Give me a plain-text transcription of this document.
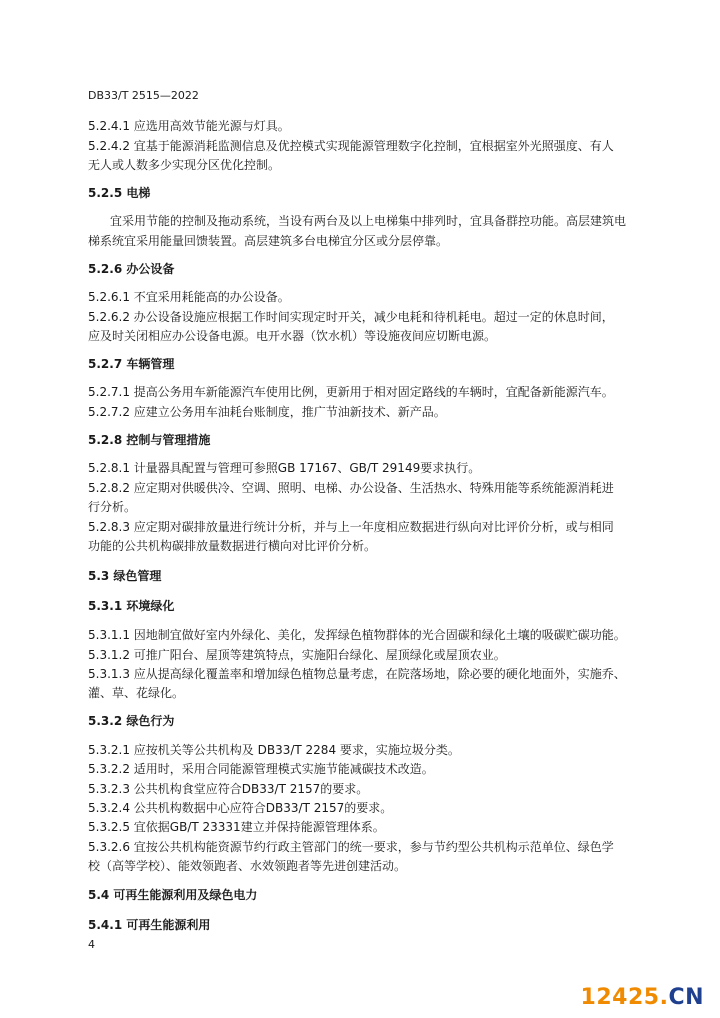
DB33/T 2515—2022
5.2.4.1 应选用高效节能光源与灯具。
5.2.4.2 宜基于能源消耗监测信息及优控模式实现能源管理数字化控制，宜根据室外光照强度、有人
无人或人数多少实现分区优化控制。
5.2.5 电梯
宜采用节能的控制及拖动系统，当设有两台及以上电梯集中排列时，宜具备群控功能。高层建筑电
梯系统宜采用能量回馈装置。高层建筑多台电梯宜分区或分层停靠。
5.2.6 办公设备
5.2.6.1 不宜采用耗能高的办公设备。
5.2.6.2 办公设备设施应根据工作时间实现定时开关，减少电耗和待机耗电。超过一定的休息时间，
应及时关闭相应办公设备电源。电开水器（饮水机）等设施夜间应切断电源。
5.2.7 车辆管理
5.2.7.1 提高公务用车新能源汽车使用比例，更新用于相对固定路线的车辆时，宜配备新能源汽车。
5.2.7.2 应建立公务用车油耗台账制度，推广节油新技术、新产品。
5.2.8 控制与管理措施
5.2.8.1 计量器具配置与管理可参照GB 17167、GB/T 29149要求执行。
5.2.8.2 应定期对供暖供冷、空调、照明、电梯、办公设备、生活热水、特殊用能等系统能源消耗进
行分析。
5.2.8.3 应定期对碳排放量进行统计分析，并与上一年度相应数据进行纵向对比评价分析，或与相同
功能的公共机构碳排放量数据进行横向对比评价分析。
5.3 绿色管理
5.3.1 环境绿化
5.3.1.1 因地制宜做好室内外绿化、美化，发挥绿色植物群体的光合固碳和绿化土壤的吸碳贮碳功能。
5.3.1.2 可推广阳台、屋顶等建筑特点，实施阳台绿化、屋顶绿化或屋顶农业。
5.3.1.3 应从提高绿化覆盖率和增加绿色植物总量考虑，在院落场地，除必要的硬化地面外，实施乔、
灌、草、花绿化。
5.3.2 绿色行为
5.3.2.1 应按机关等公共机构及 DB33/T 2284 要求，实施垃圾分类。
5.3.2.2 适用时，采用合同能源管理模式实施节能减碳技术改造。
5.3.2.3 公共机构食堂应符合DB33/T 2157的要求。
5.3.2.4 公共机构数据中心应符合DB33/T 2157的要求。
5.3.2.5 宜依据GB/T 23331建立并保持能源管理体系。
5.3.2.6 宜按公共机构能资源节约行政主管部门的统一要求，参与节约型公共机构示范单位、绿色学
校（高等学校）、能效领跑者、水效领跑者等先进创建活动。
5.4 可再生能源利用及绿色电力
5.4.1 可再生能源利用
4
12425.CN
